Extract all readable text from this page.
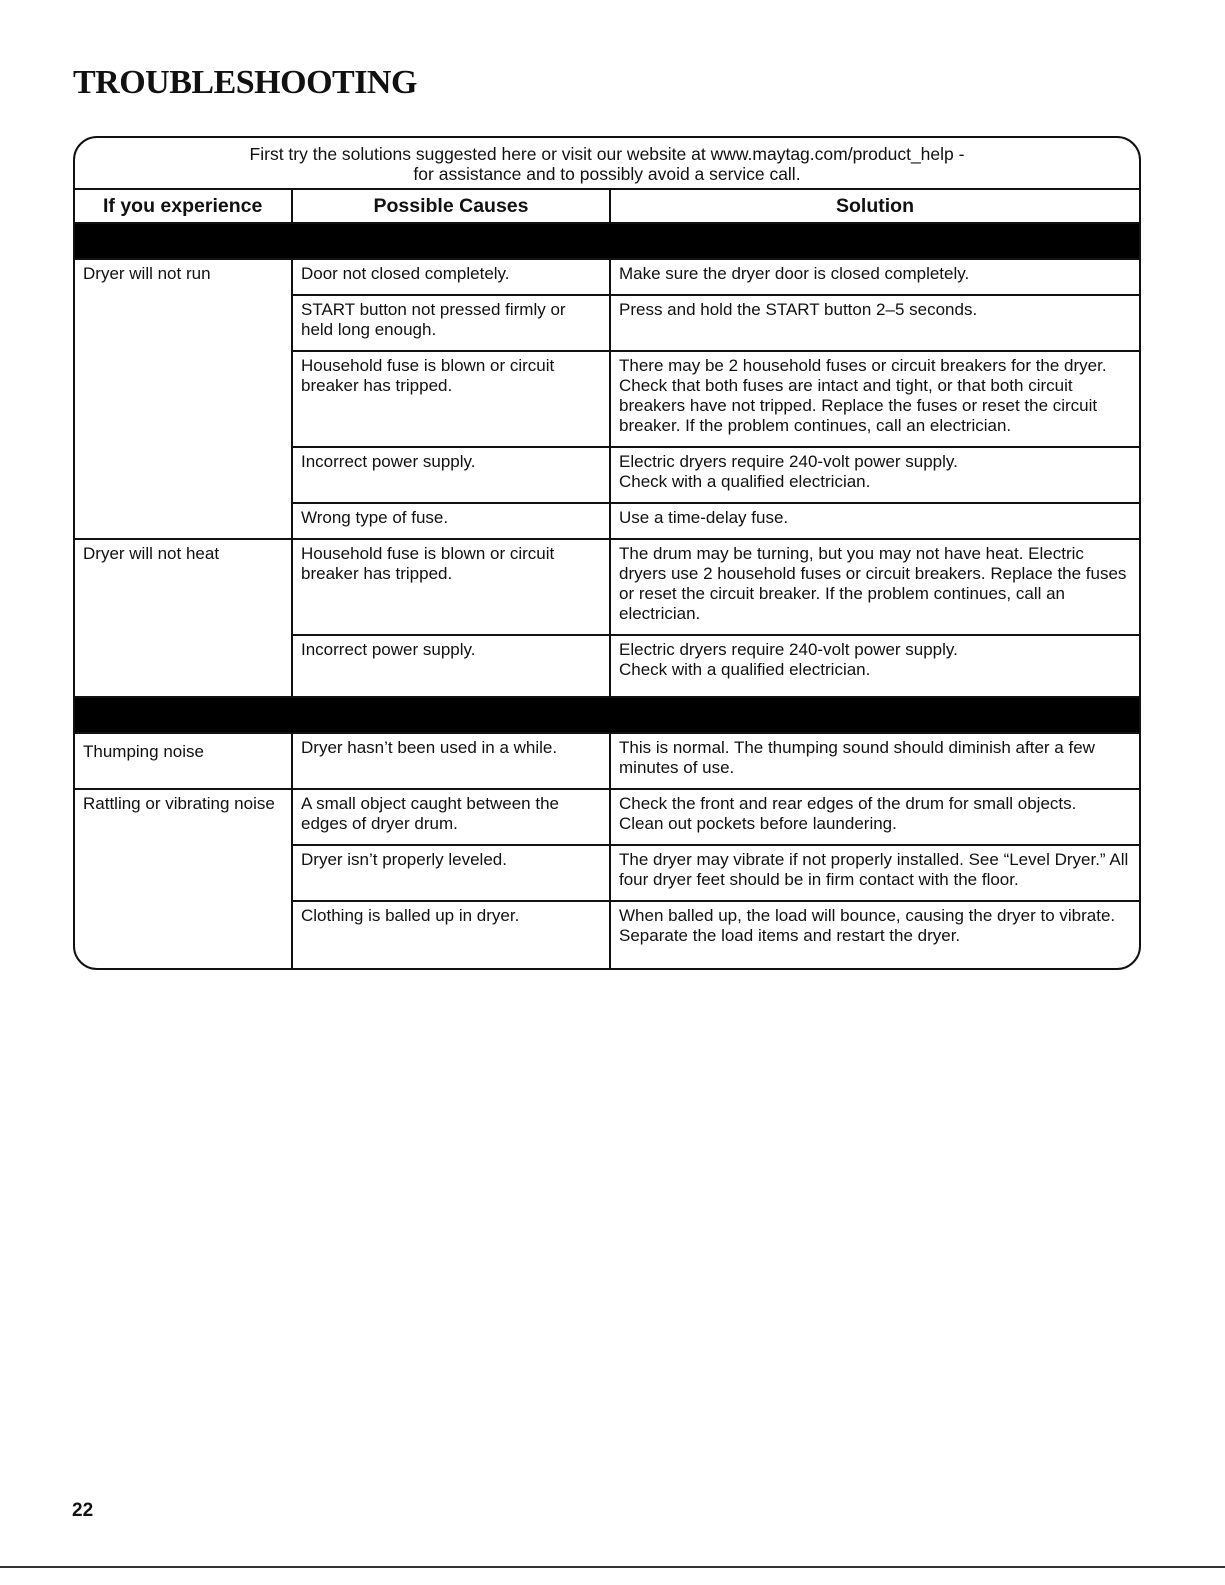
TROUBLESHOOTING
First try the solutions suggested here or visit our website at www.maytag.com/product_help -
for assistance and to possibly avoid a service call.
If you experience	Possible Causes	Solution

Dryer will not run	Door not closed completely.	Make sure the dryer door is closed completely.
	START button not pressed firmly or held long enough.	Press and hold the START button 2–5 seconds.
	Household fuse is blown or circuit breaker has tripped.	There may be 2 household fuses or circuit breakers for the dryer. Check that both fuses are intact and tight, or that both circuit breakers have not tripped. Replace the fuses or reset the circuit breaker. If the problem continues, call an electrician.
	Incorrect power supply.	Electric dryers require 240-volt power supply.
Check with a qualified electrician.

	Wrong type of fuse.	Use a time-delay fuse.
Dryer will not heat	Household fuse is blown or circuit breaker has tripped.	The drum may be turning, but you may not have heat. Electric dryers use 2 household fuses or circuit breakers. Replace the fuses or reset the circuit breaker. If the problem continues, call an electrician.
	Incorrect power supply.	Electric dryers require 240-volt power supply.
Check with a qualified electrician.

Thumping noise	Dryer hasn’t been used in a while.	This is normal. The thumping sound should diminish after a few minutes of use.
Rattling or vibrating noise	A small object caught between the edges of dryer drum.	Check the front and rear edges of the drum for small objects.
Clean out pockets before laundering.

	Dryer isn’t properly leveled.	The dryer may vibrate if not properly installed. See “Level Dryer.” All four dryer feet should be in firm contact with the floor.
	Clothing is balled up in dryer.	When balled up, the load will bounce, causing the dryer to vibrate. Separate the load items and restart the dryer.
22
